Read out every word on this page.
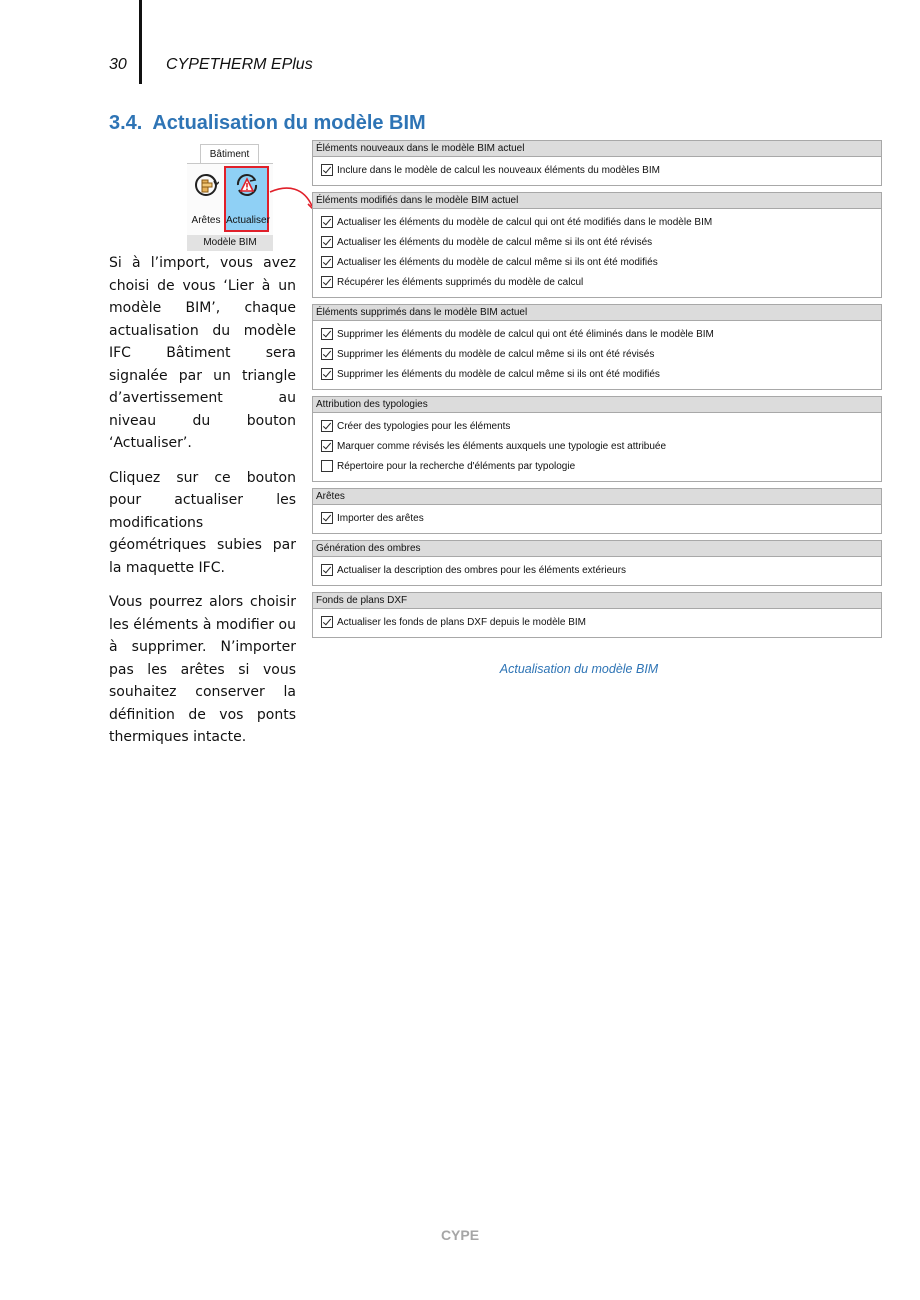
30 CYPETHERM EPlus
3.4. Actualisation du modèle BIM
Bâtiment
Arêtes Actualiser
Modèle BIM

Si à l’import, vous avez choisi de vous ‘Lier à un modèle BIM’, chaque actualisation du modèle IFC Bâtiment sera signalée par un triangle d’avertissement au niveau du bouton ‘Actualiser’.

Cliquez sur ce bouton pour actualiser les modifications géométriques subies par la maquette IFC.

Vous pourrez alors choisir les éléments à modifier ou à supprimer. N’importer pas les arêtes si vous souhaitez conserver la définition de vos ponts thermiques intacte.

Éléments nouveaux dans le modèle BIM actuel
Inclure dans le modèle de calcul les nouveaux éléments du modèles BIM
Éléments modifiés dans le modèle BIM actuel
Actualiser les éléments du modèle de calcul qui ont été modifiés dans le modèle BIM
Actualiser les éléments du modèle de calcul même si ils ont été révisés
Actualiser les éléments du modèle de calcul même si ils ont été modifiés
Récupérer les éléments supprimés du modèle de calcul
Éléments supprimés dans le modèle BIM actuel
Supprimer les éléments du modèle de calcul qui ont été éliminés dans le modèle BIM
Supprimer les éléments du modèle de calcul même si ils ont été révisés
Supprimer les éléments du modèle de calcul même si ils ont été modifiés
Attribution des typologies
Créer des typologies pour les éléments
Marquer comme révisés les éléments auxquels une typologie est attribuée
Répertoire pour la recherche d'éléments par typologie
Arêtes
Importer des arêtes
Génération des ombres
Actualiser la description des ombres pour les éléments extérieurs
Fonds de plans DXF
Actualiser les fonds de plans DXF depuis le modèle BIM
Actualisation du modèle BIM
CYPE
